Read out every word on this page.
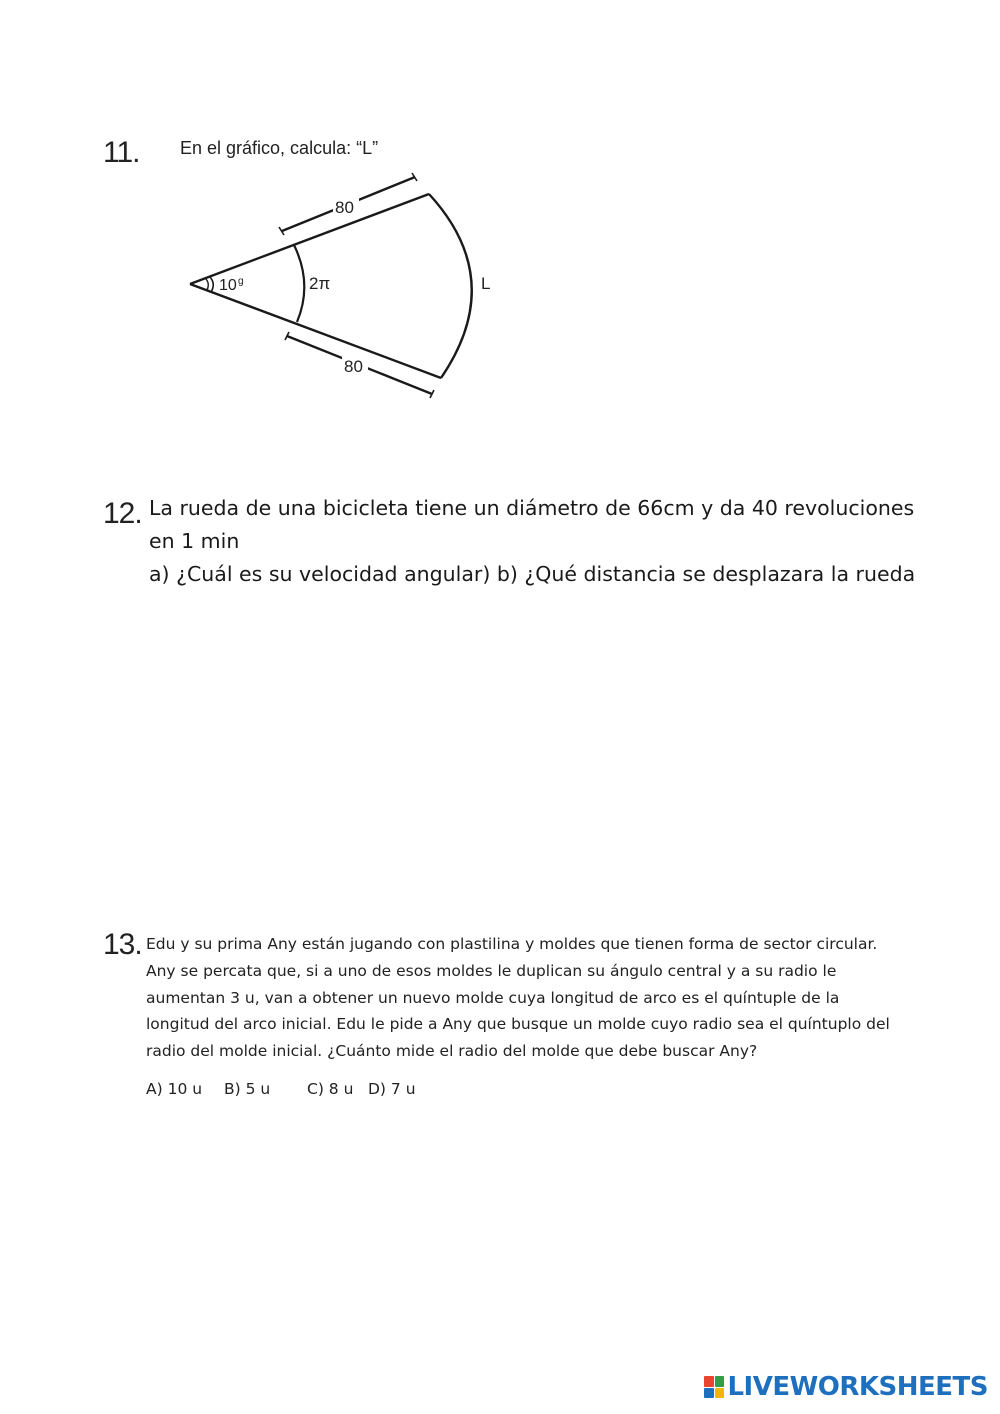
11. En el gráfico, calcula: “L”
80
80
10 g	2π	L
12. La rueda de una bicicleta tiene un diámetro de 66cm y da 40 revoluciones
en 1 min
a) ¿Cuál es su velocidad angular) b) ¿Qué distancia se desplazara la rueda
13. Edu y su prima Any están jugando con plastilina y moldes que tienen forma de sector circular.
Any se percata que, si a uno de esos moldes le duplican su ángulo central y a su radio le
aumentan 3 u, van a obtener un nuevo molde cuya longitud de arco es el quíntuple de la
longitud del arco inicial. Edu le pide a Any que busque un molde cuyo radio sea el quíntuplo del
radio del molde inicial. ¿Cuánto mide el radio del molde que debe buscar Any?
A) 10 u B) 5 u C) 8 u D) 7 u
LIVEWORKSHEETS
